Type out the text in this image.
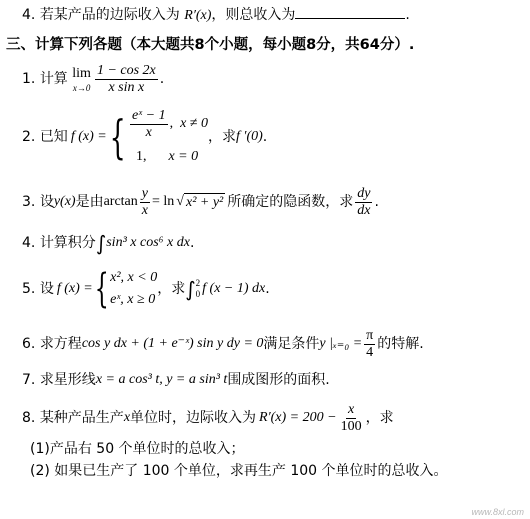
4. 若某产品的边际收入为 R′(x)，则总收入为	.
三、计算下列各题（本大题共8个小题，每小题8分，共64分）.
1.
计算
lim
$x\to 0 \frac{1 - \cos 2x}{\text{x sin x}}$ .
2.
已知 f (x) = { $\frac{\text{eˣ − 1}}{x}$ , x ≠ 0
1, x = 0
，求 f ′(0) .
3.
设 y(x) 是由 $\arctan \frac{y}{x} = \ln$ √ x² + y² 所确定的隐函数，求 $\frac{dy}{dx}$ .
4.
计算积分 ∫ sin³ x cos⁶ x dx .
5.
设 f (x) = { x², x < 0
eˣ, x ≥ 0
，求 ∫ 2
0 f (x − 1) dx .
6.
求方程 cos y dx + (1 + e⁻ˣ) sin y dy = 0 满足条件 y $|_{x=0} = \frac{\pi}{4}$ 的特解.
7.
求星形线 x = a cos³ t, y = a sin³ t 围成图形的面积.
8.
某种产品生产 x 单位时，边际收入为 $R'(x) = 200 - \frac{x}{100}$ ，求
(1)产品右 50 个单位时的总收入；
(2) 如果已生产了 100 个单位，求再生产 100 个单位时的总收入。
www.8xl.com
